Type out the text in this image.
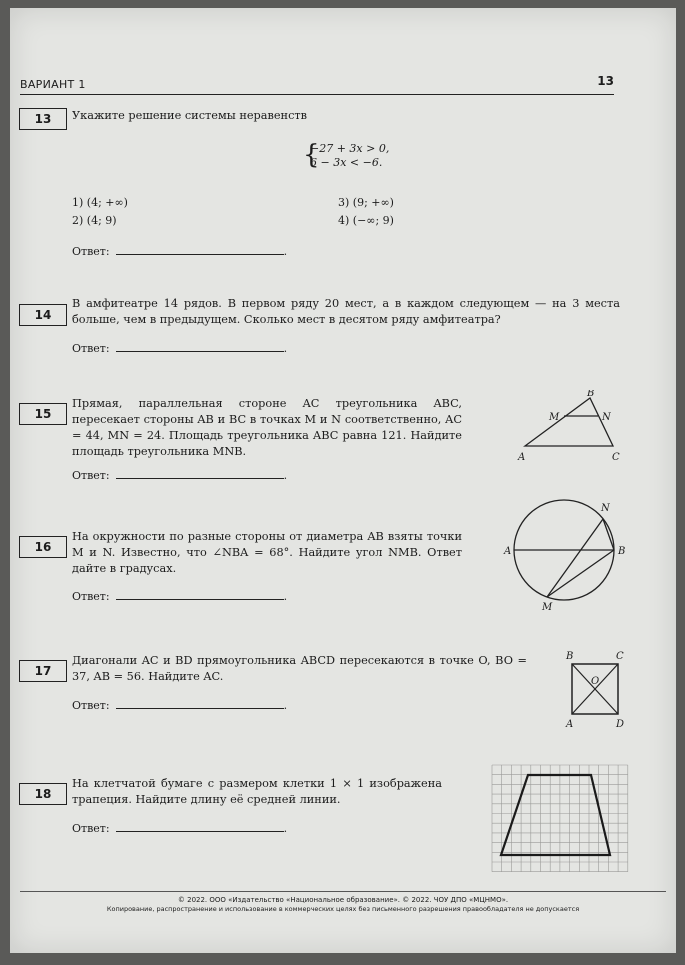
ВАРИАНТ 1	13
13	Укажите решение системы неравенств
{
−27 + 3x > 0,
6 − 3x < −6.
1) (4; +∞)
2) (4; 9)
3) (9; +∞)
4) (−∞; 9)
Ответ:	.
14
В амфитеатре 14 рядов. В первом ряду 20 мест, а в каждом следующем — на 3 места больше, чем в предыдущем. Сколько мест в десятом ряду амфитеатра?
Ответ:	.
15
Прямая, параллельная стороне AC треугольника ABC, пересекает стороны AB и BC в точках M и N соответственно, AC = 44, MN = 24. Площадь треугольника ABC равна 121. Найдите площадь треугольника MNB.
Ответ:	.
B
M	N
A	C
16
На окружности по разные стороны от диаметра AB взяты точки M и N. Известно, что ∠NBA = 68°. Найдите угол NMB. Ответ дайте в градусах.
Ответ:	.
N
A	B
M
17
Диагонали AC и BD прямоугольника ABCD пересекаются в точке O, BO = 37, AB = 56. Найдите AC.
Ответ:	.
B	C
O
A	D
18
На клетчатой бумаге с размером клетки 1 × 1 изображена трапеция. Найдите длину её средней линии.
Ответ:	.
© 2022. ООО «Издательство «Национальное образование». © 2022. ЧОУ ДПО «МЦНМО».
Копирование, распространение и использование в коммерческих целях без письменного разрешения правообладателя не допускается
